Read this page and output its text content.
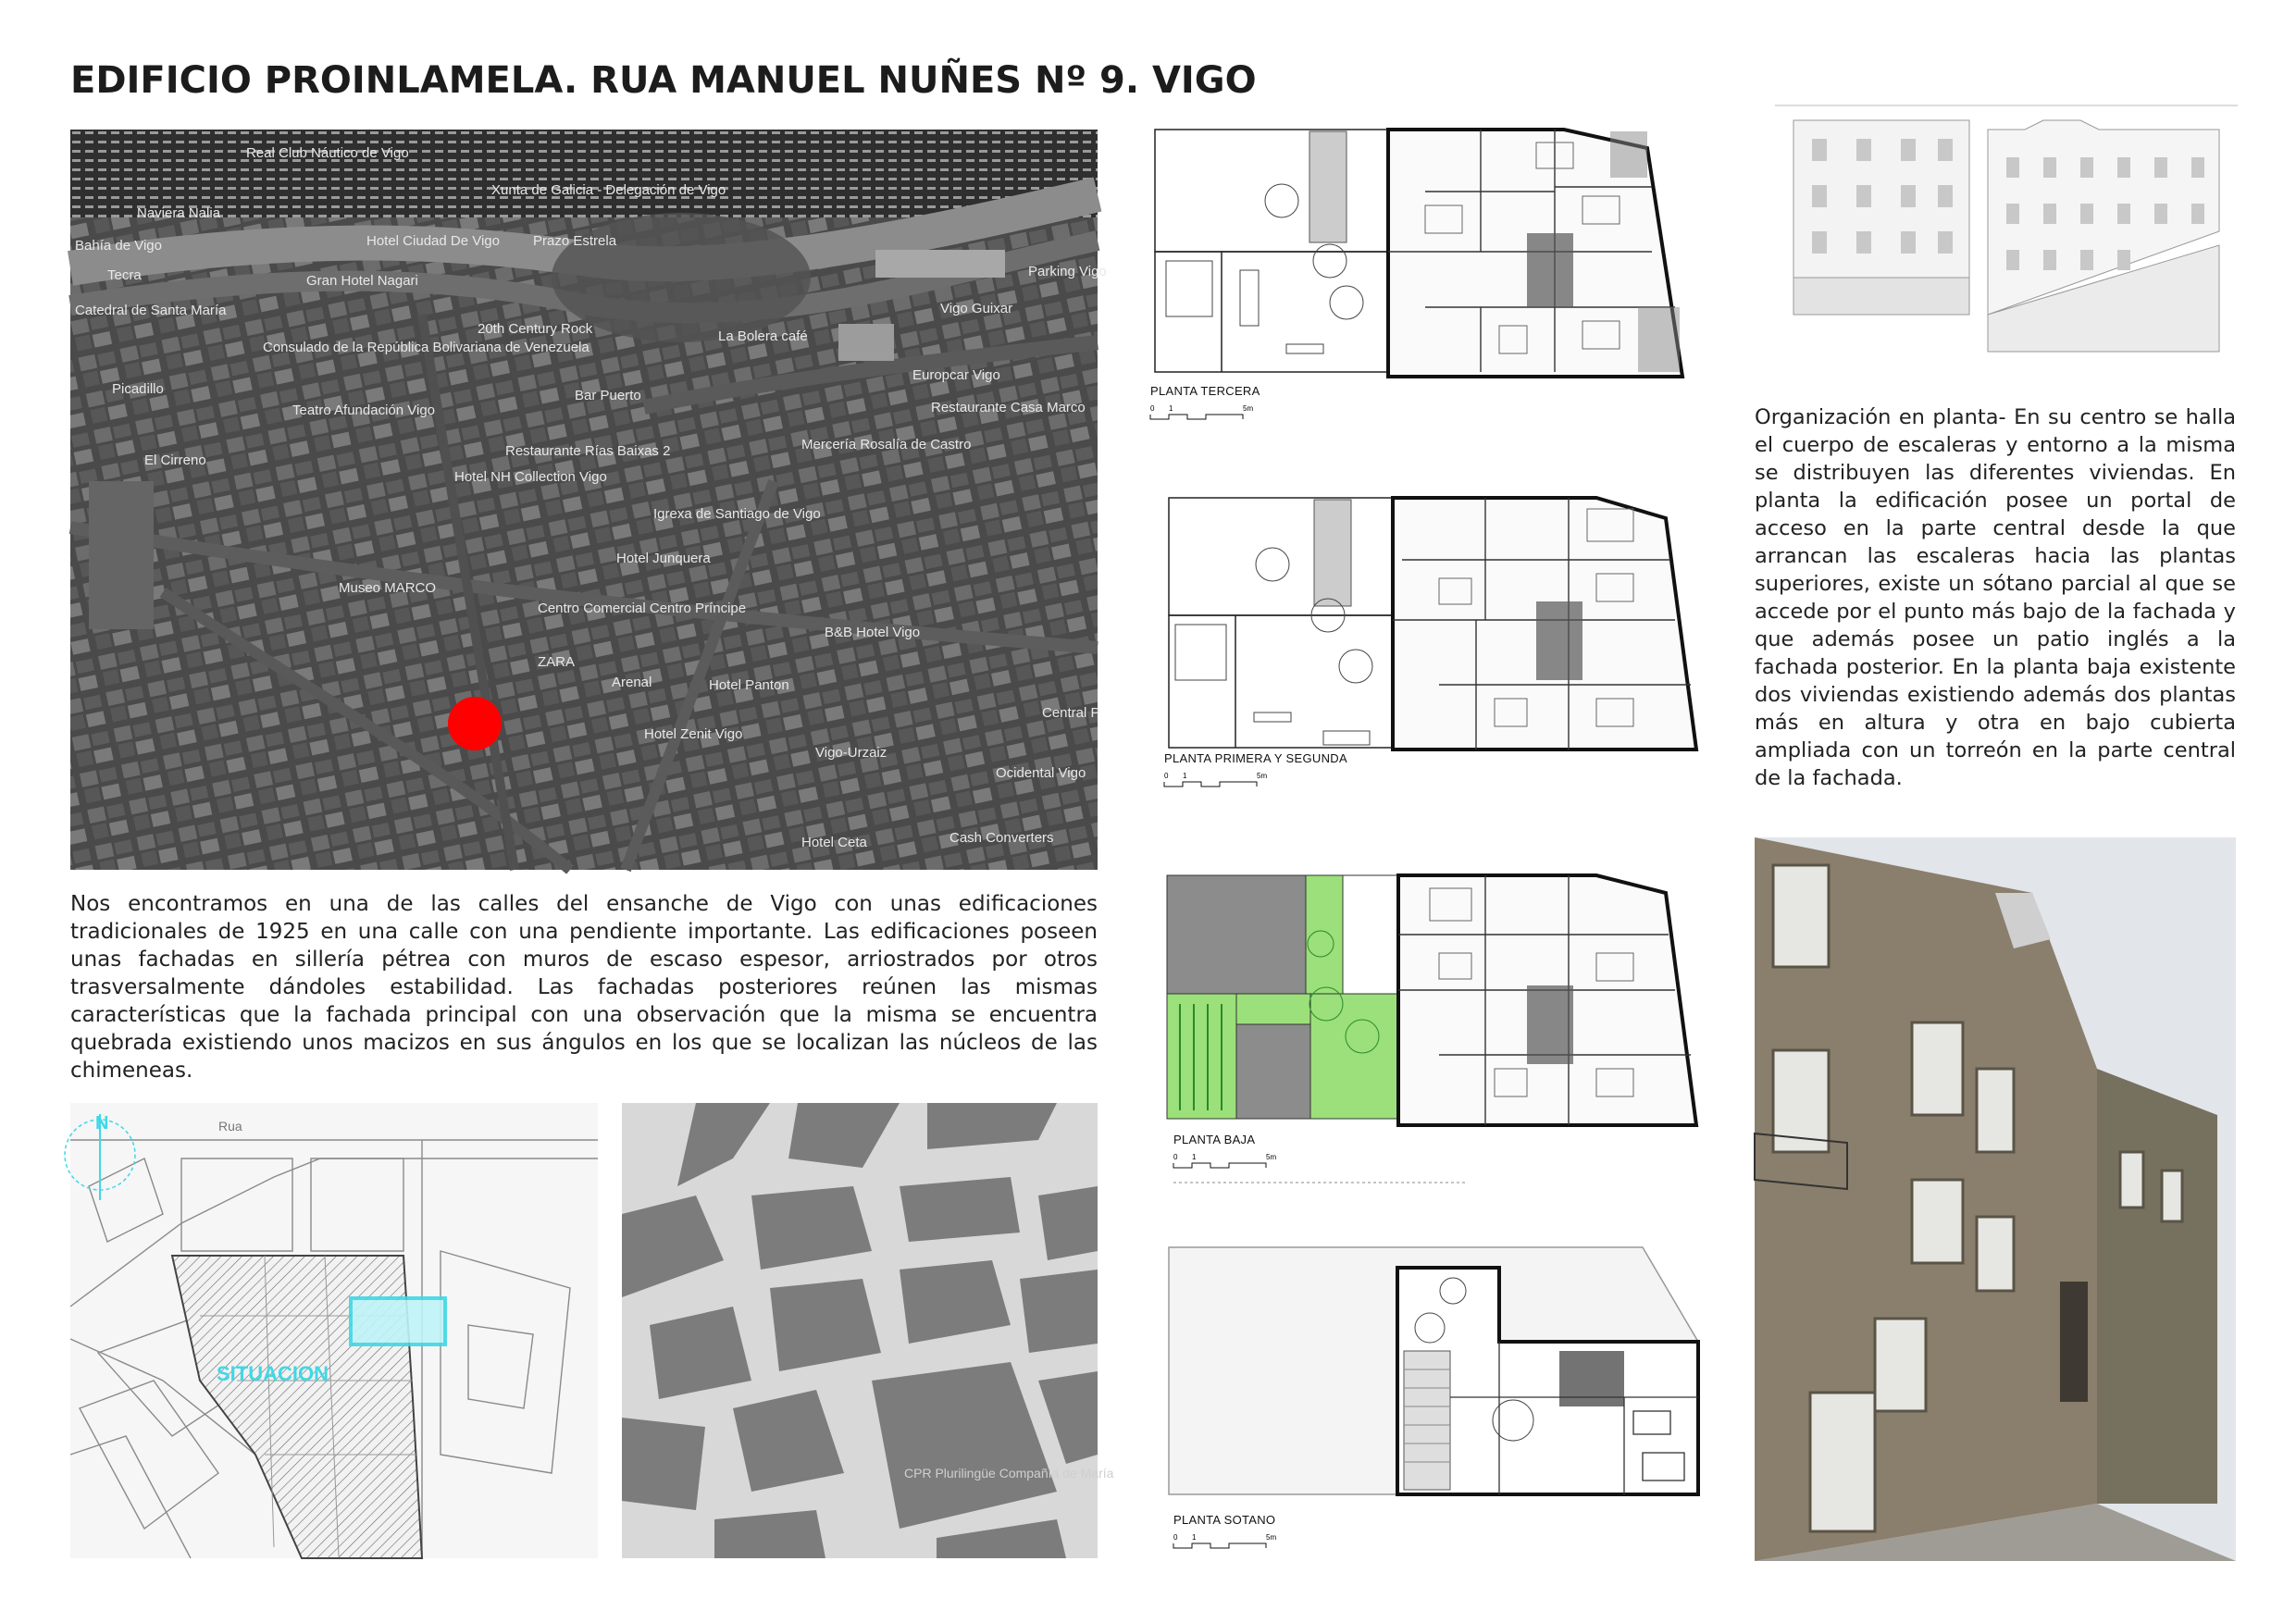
EDIFICIO PROINLAMELA. RUA MANUEL NUÑES Nº 9. VIGO
Real Club Náutico de Vigo
Xunta de Galicia - Delegación de Vigo
Naviera Nalia
Bahía de Vigo	Hotel Ciudad De Vigo Prazo Estrela
Gran Hotel Nagari
Tecra
Catedral de Santa María
20th Century Rock
Vigo Guixar
Parking Vigo
Consulado de la República Bolivariana de Venezuela
La Bolera café
Europcar Vigo
Teatro Afundación Vigo
Picadillo	Bar Puerto
Restaurante Casa Marco
Restaurante Rías Baixas 2	Mercería Rosalía de Castro
El Cirreno
Hotel NH Collection Vigo
Igrexa de Santiago de Vigo
Museo MARCO
Hotel Junquera
Centro Comercial Centro Príncipe
B&B Hotel Vigo
ZARA
Arenal	Hotel Panton
Hotel Zenit Vigo
Ocidental Vigo
Vigo-Urzaiz
Hotel Ceta	Cash Converters
Central P
Nos encontramos en una de las calles del ensanche de Vigo con unas edificaciones tradicionales de 1925 en una calle con una pendiente importante. Las edificaciones poseen unas fachadas en sillería pétrea con muros de escaso espesor, arriostrados por otros trasversalmente dándoles estabilidad. Las fachadas posteriores reúnen las mismas características que la fachada principal con una observación que la misma se encuentra quebrada existiendo unos macizos en sus ángulos en los que se localizan las núcleos de las chimeneas.
N	Rua
SITUACION
CPR Plurilingüe Compañía de María
PLANTA TERCERA
0 1	5m
PLANTA PRIMERA Y SEGUNDA
0 1	5m
PLANTA BAJA
0 1	5m
PLANTA SOTANO
0 1	5m
Organización en planta- En su centro se halla el cuerpo de escaleras y entorno a la misma se distribuyen las diferentes viviendas. En planta la edificación posee un portal de acceso en la parte central desde la que arrancan las escaleras hacia las plantas superiores, existe un sótano parcial al que se accede por el punto más bajo de la fachada y que además posee un patio inglés a la fachada posterior. En la planta baja existente dos viviendas existiendo además dos plantas más en altura y otra en bajo cubierta ampliada con un torreón en la parte central de la fachada.
